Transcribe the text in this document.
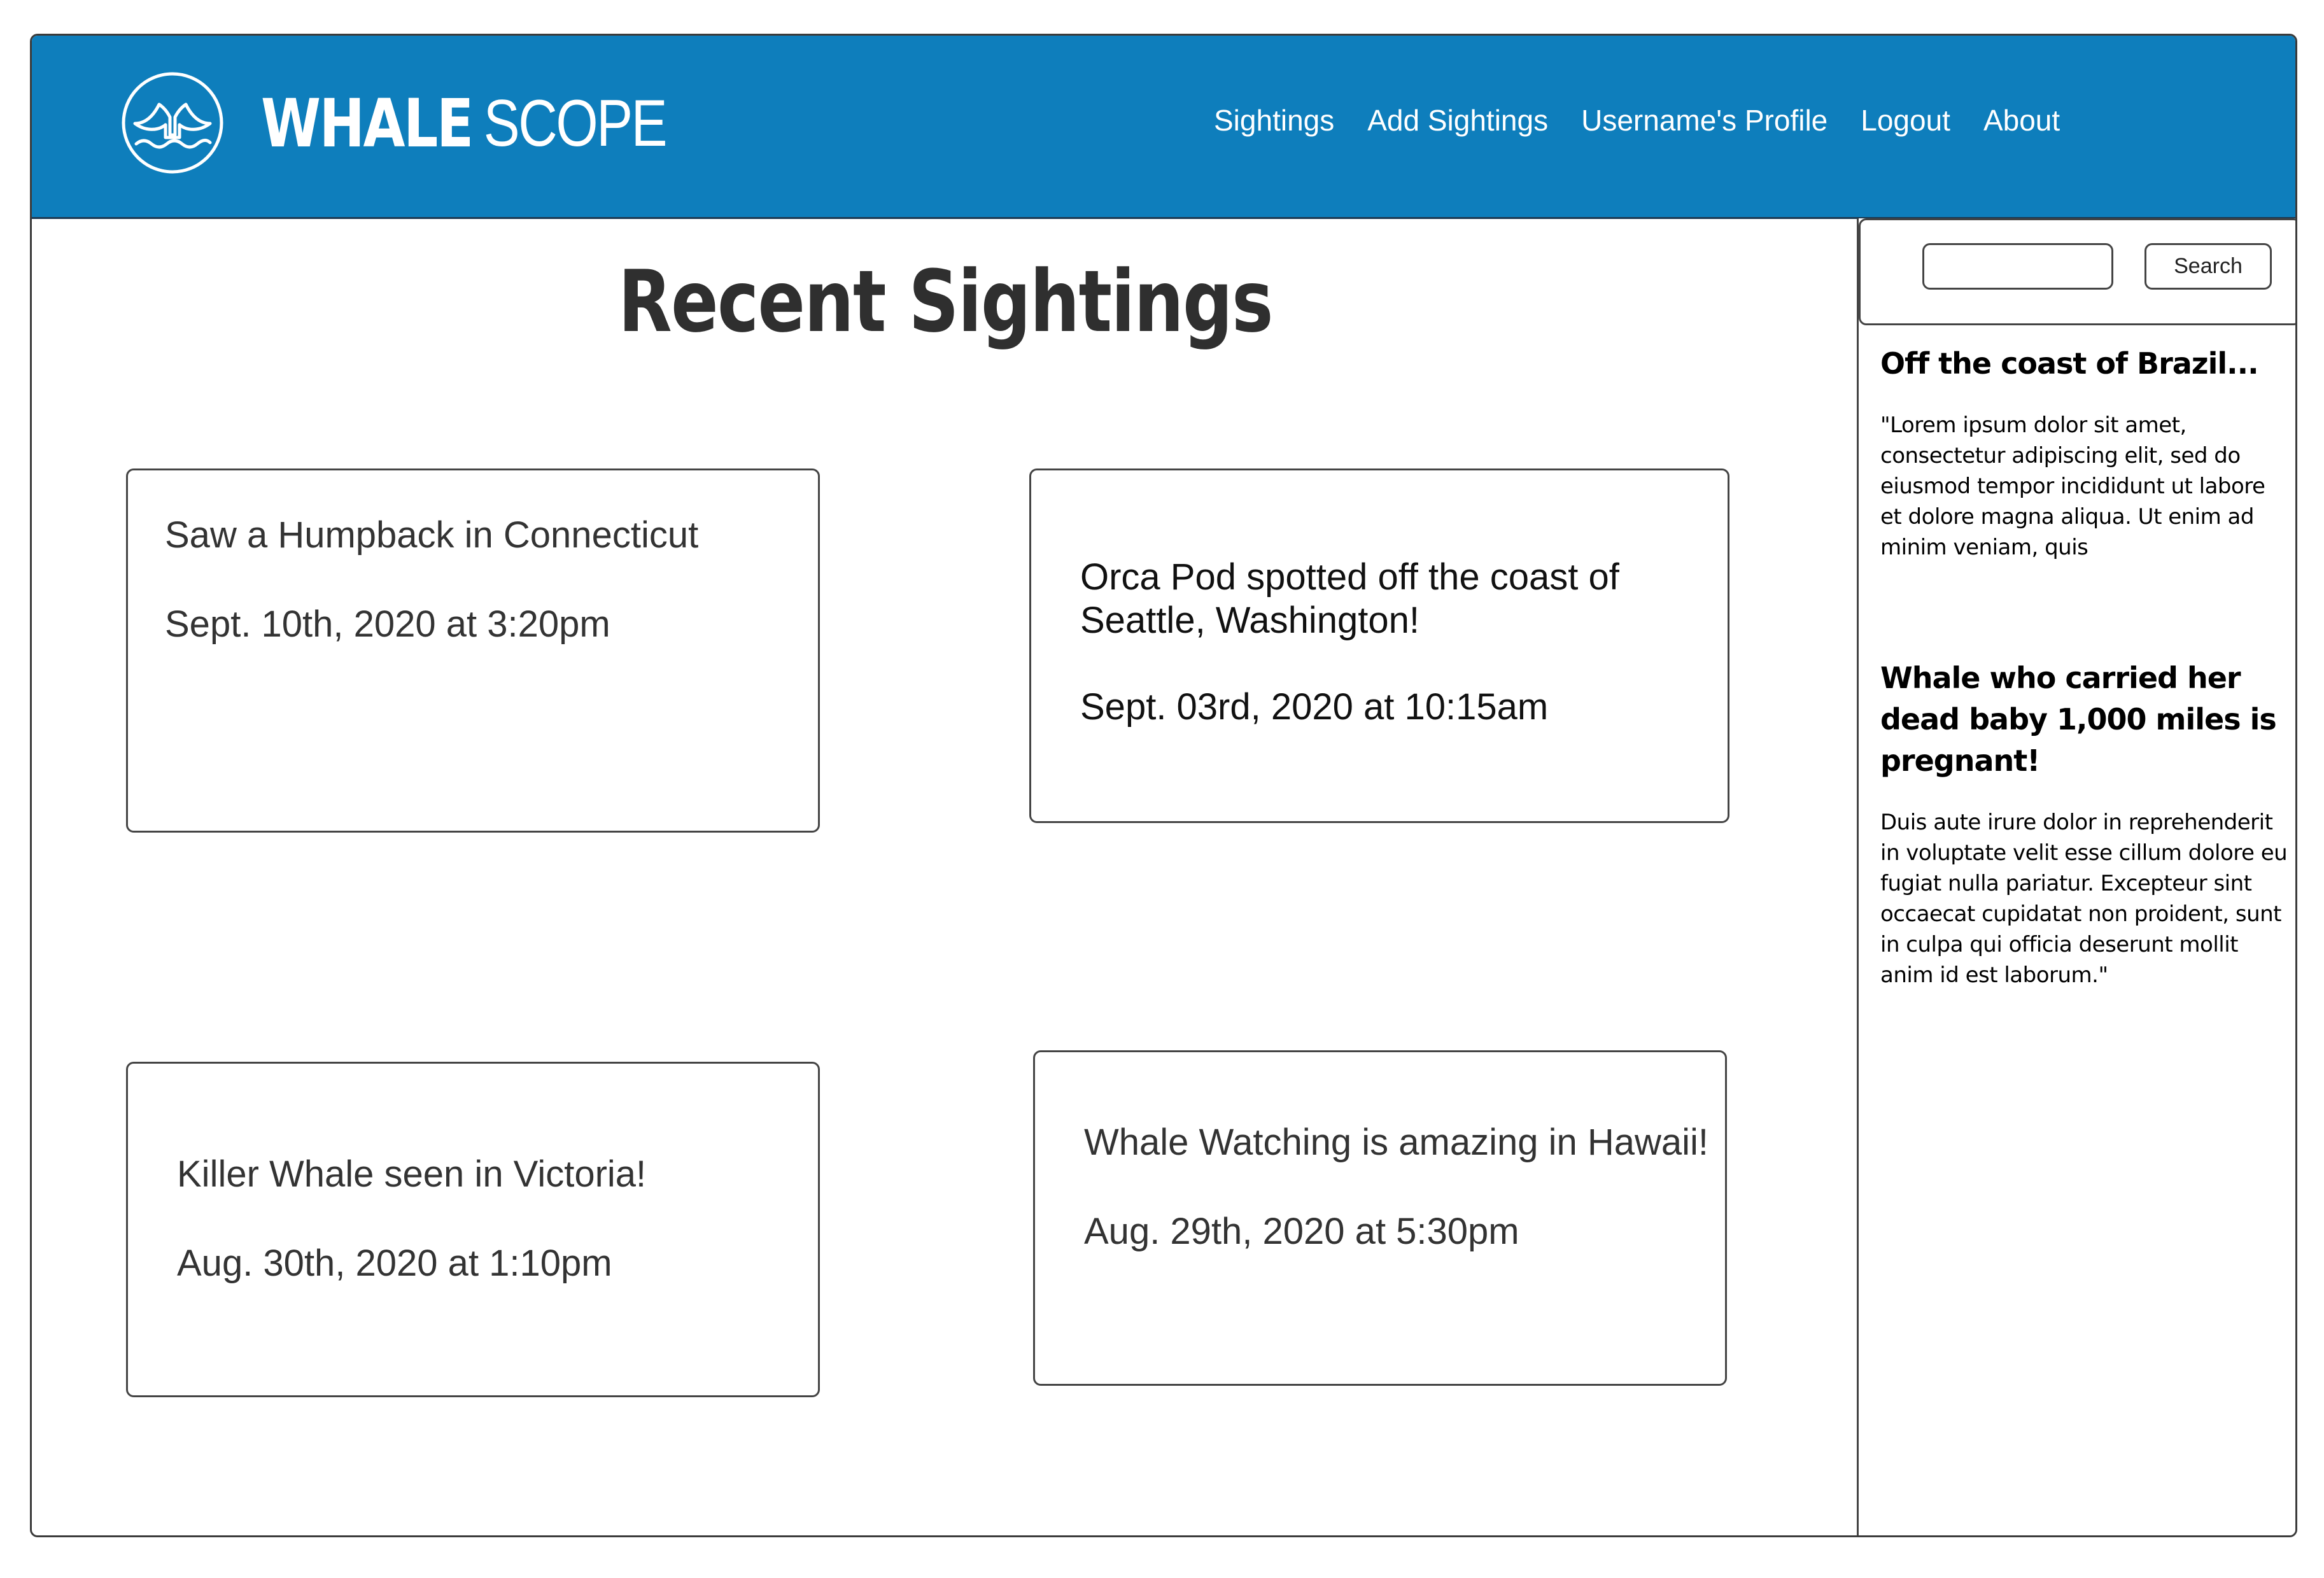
WHALE SCOPE	Sightings Add Sightings Username's Profile Logout About
Recent Sightings
Saw a Humpback in Connecticut
Sept. 10th, 2020 at 3:20pm
Orca Pod spotted off the coast of Seattle, Washington!
Sept. 03rd, 2020 at 10:15am
Killer Whale seen in Victoria!
Aug. 30th, 2020 at 1:10pm
Whale Watching is amazing in Hawaii!
Aug. 29th, 2020 at 5:30pm
Search
Off the coast of Brazil...

"Lorem ipsum dolor sit amet, consectetur adipiscing elit, sed do eiusmod tempor incididunt ut labore et dolore magna aliqua. Ut enim ad minim veniam, quis

Whale who carried her dead baby 1,000 miles is pregnant!

Duis aute irure dolor in reprehenderit in voluptate velit esse cillum dolore eu fugiat nulla pariatur. Excepteur sint occaecat cupidatat non proident, sunt in culpa qui officia deserunt mollit anim id est laborum."
